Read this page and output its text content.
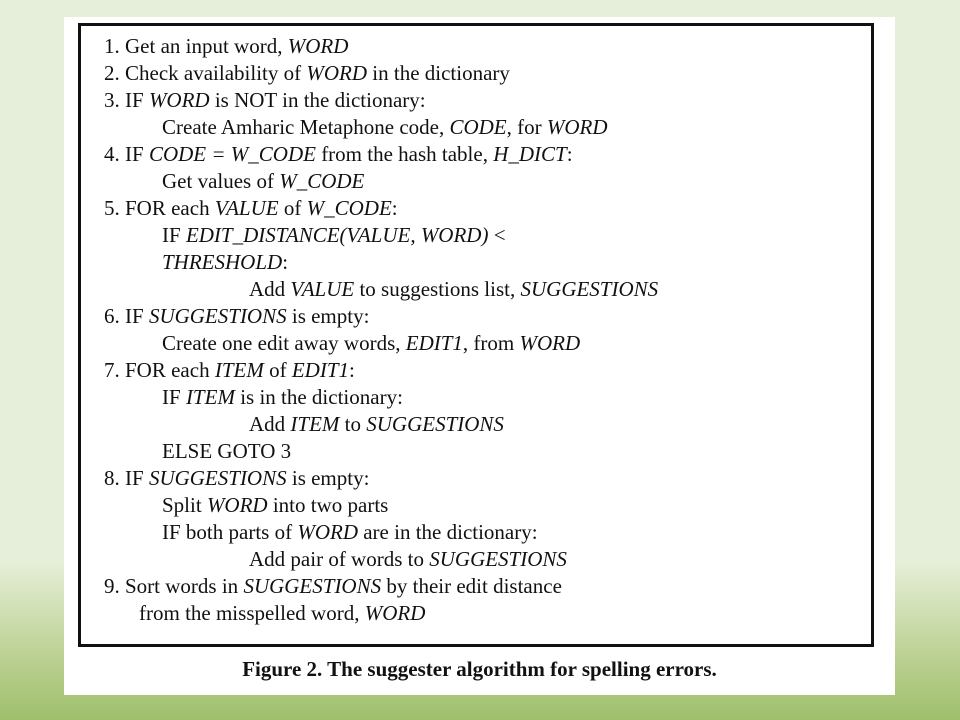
1. Get an input word, WORD
2. Check availability of WORD in the dictionary
3. IF WORD is NOT in the dictionary:
Create Amharic Metaphone code, CODE, for WORD
4. IF CODE = W_CODE from the hash table, H_DICT:
Get values of W_CODE
5. FOR each VALUE of W_CODE:
IF EDIT_DISTANCE(VALUE, WORD) <
THRESHOLD:
Add VALUE to suggestions list, SUGGESTIONS
6. IF SUGGESTIONS is empty:
Create one edit away words, EDIT1, from WORD
7. FOR each ITEM of EDIT1:
IF ITEM is in the dictionary:
Add ITEM to SUGGESTIONS
ELSE GOTO 3
8. IF SUGGESTIONS is empty:
Split WORD into two parts
IF both parts of WORD are in the dictionary:
Add pair of words to SUGGESTIONS
9. Sort words in SUGGESTIONS by their edit distance
from the misspelled word, WORD
Figure 2. The suggester algorithm for spelling errors.
